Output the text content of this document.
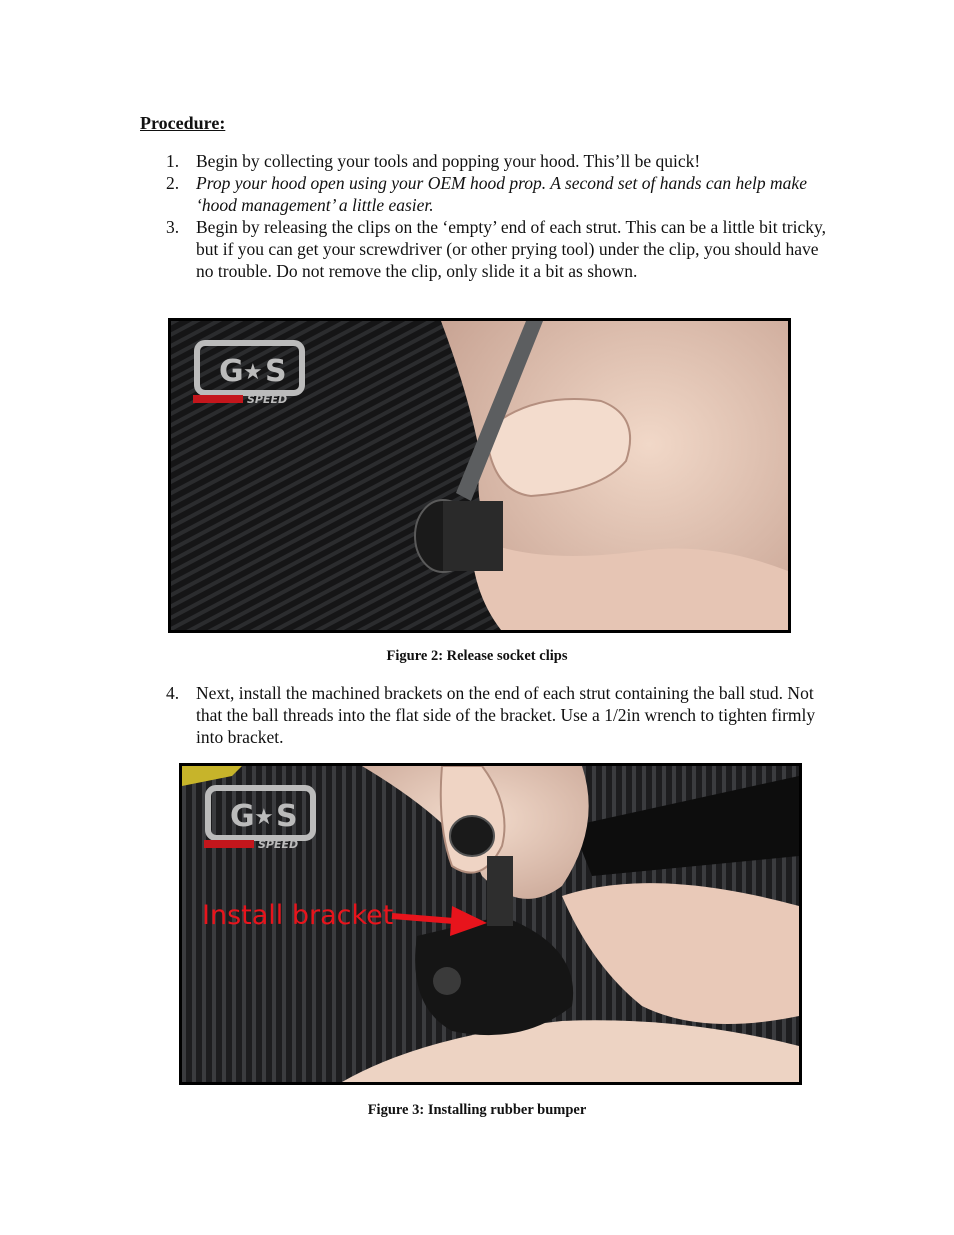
Procedure:
1. Begin by collecting your tools and popping your hood. This’ll be quick!
2. Prop your hood open using your OEM hood prop. A second set of hands can help make ‘hood management’ a little easier.
3. Begin by releasing the clips on the ‘empty’ end of each strut. This can be a little bit tricky, but if you can get your screwdriver (or other prying tool) under the clip, you should have no trouble. Do not remove the clip, only slide it a bit as shown.
G ★ S
SPEED
Figure 2: Release socket clips
4. Next, install the machined brackets on the end of each strut containing the ball stud. Not that the ball threads into the flat side of the bracket. Use a 1/2in wrench to tighten firmly into bracket.
Install bracket
G ★ S
SPEED
Figure 3: Installing rubber bumper
